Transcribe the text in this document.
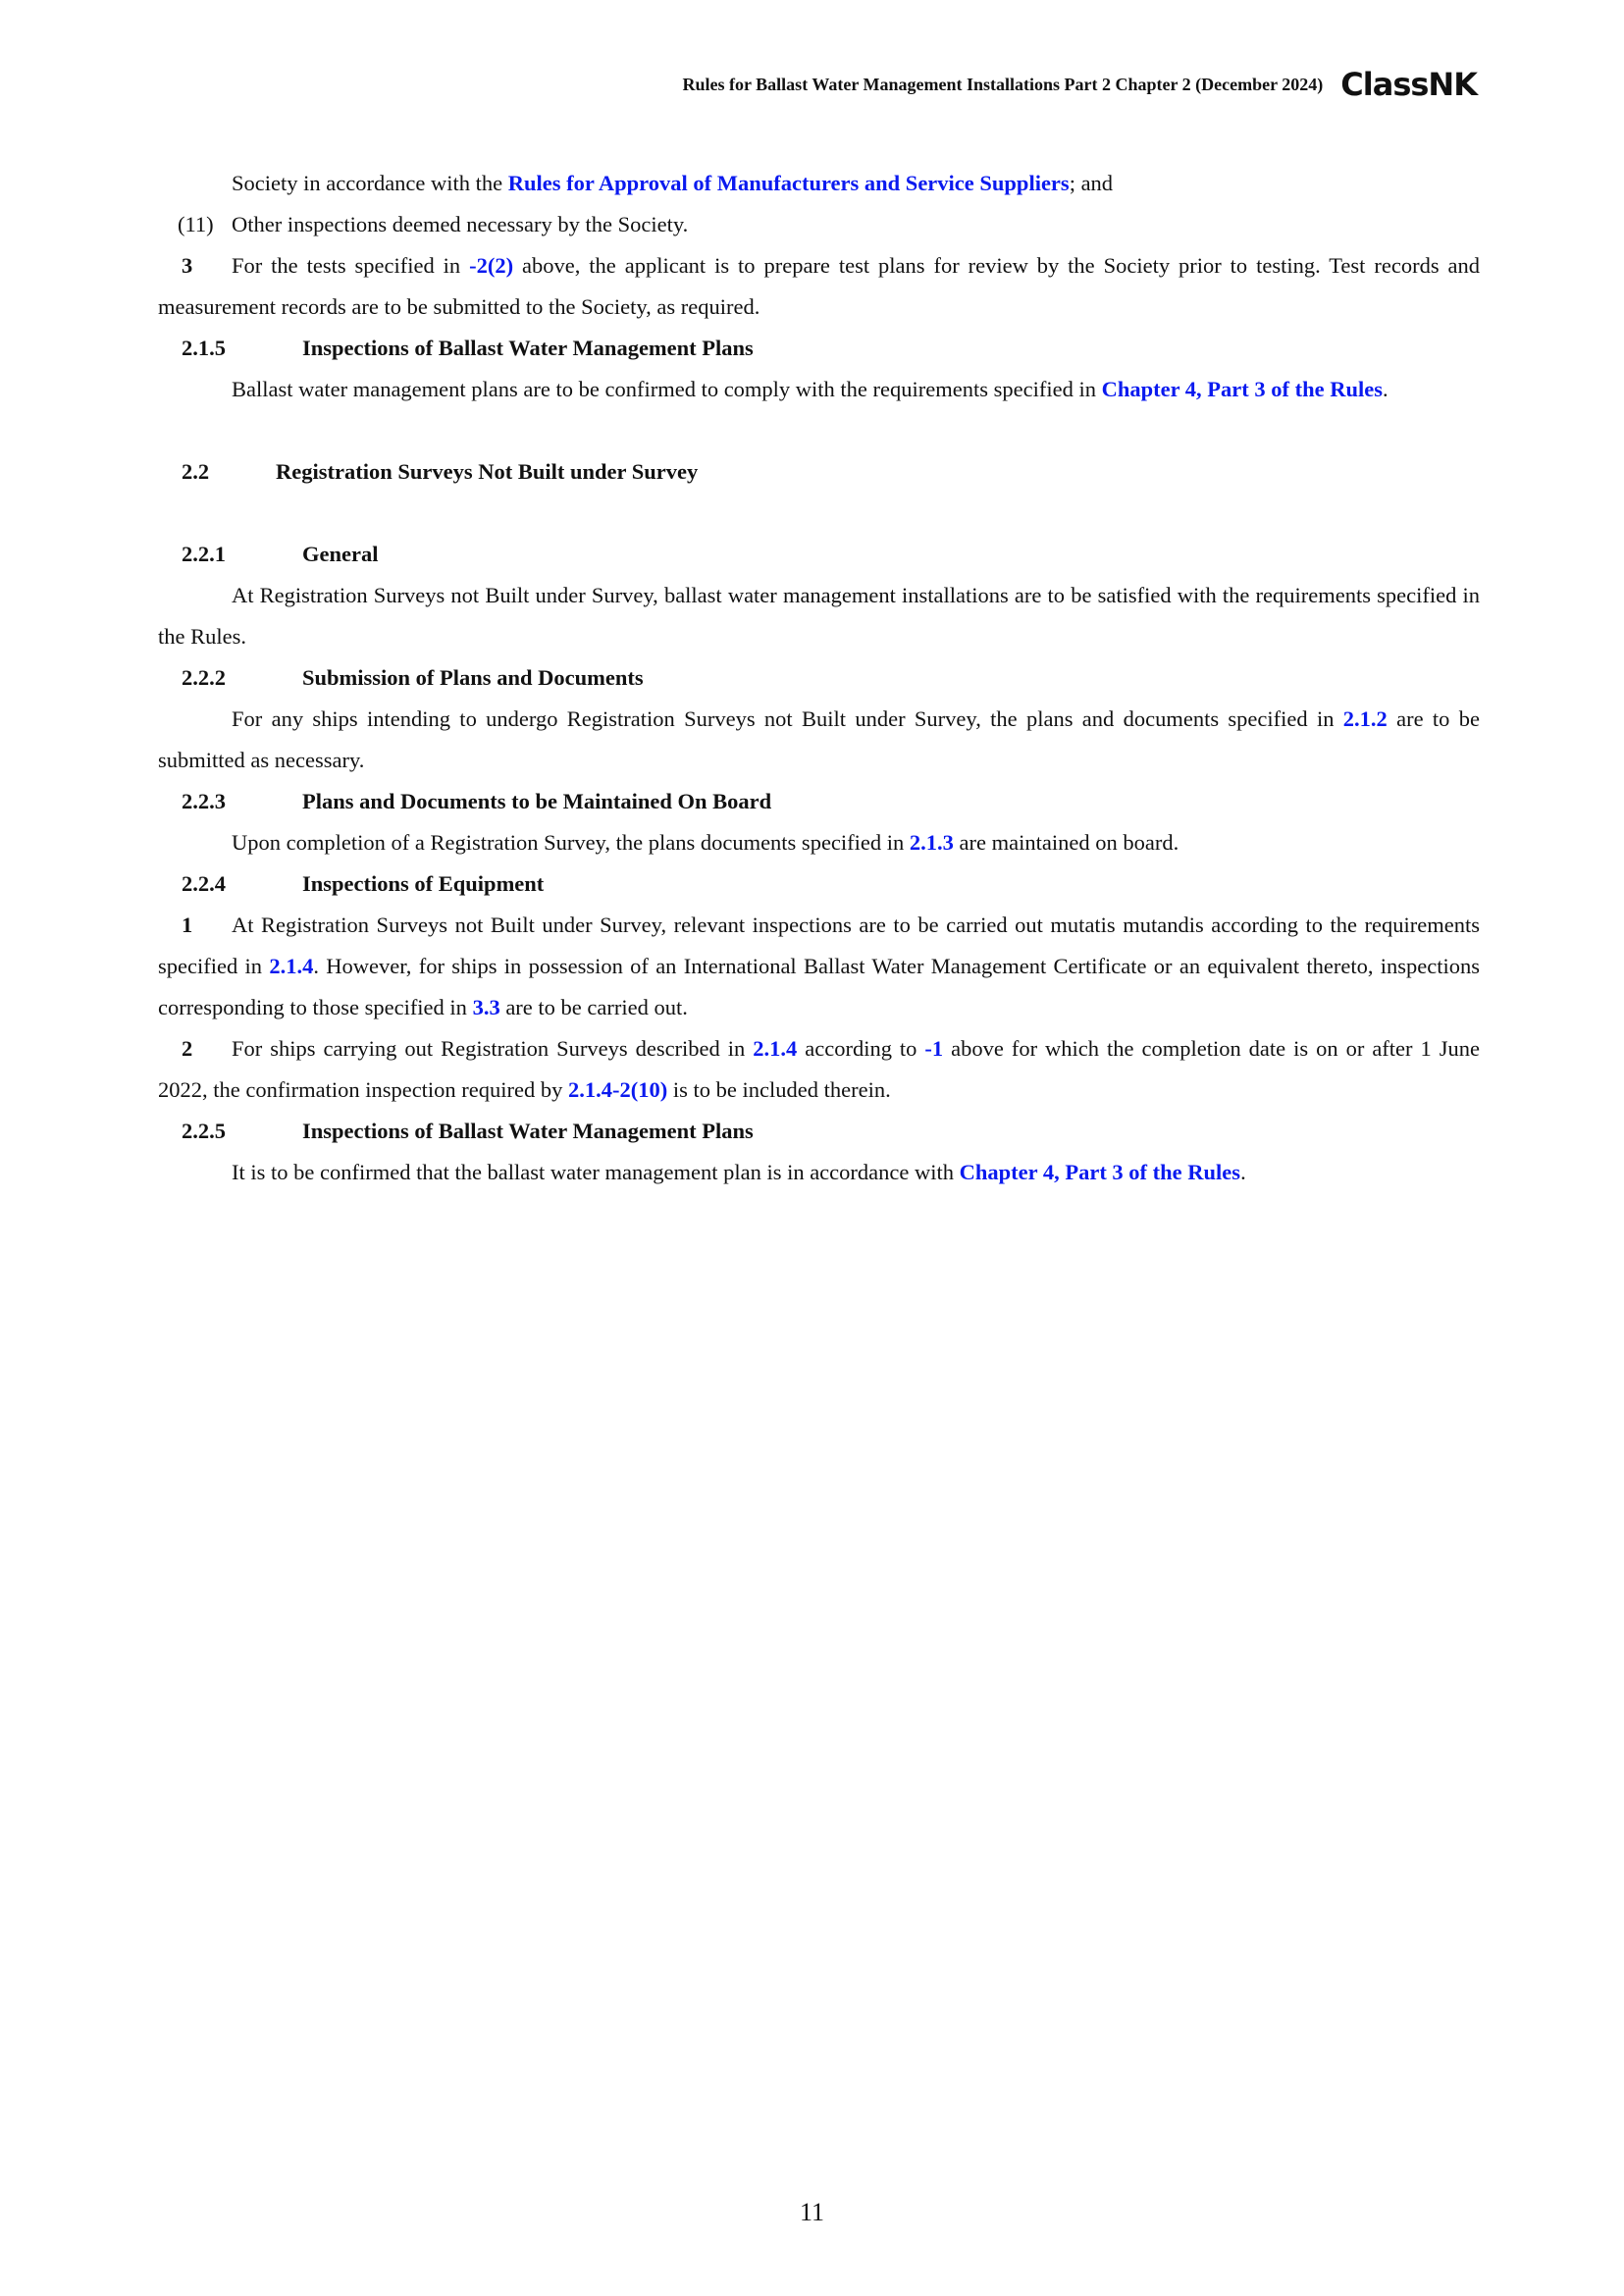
Rules for Ballast Water Management Installations Part 2 Chapter 2 (December 2024) ClassNK

Society in accordance with the Rules for Approval of Manufacturers and Service Suppliers; and

(11) Other inspections deemed necessary by the Society.

3 For the tests specified in -2(2) above, the applicant is to prepare test plans for review by the Society prior to testing. Test records and measurement records are to be submitted to the Society, as required.

2.1.5	Inspections of Ballast Water Management Plans

Ballast water management plans are to be confirmed to comply with the requirements specified in Chapter 4, Part 3 of the Rules.

2.2	Registration Surveys Not Built under Survey

2.2.1	General

At Registration Surveys not Built under Survey, ballast water management installations are to be satisfied with the requirements specified in the Rules.

2.2.2	Submission of Plans and Documents

For any ships intending to undergo Registration Surveys not Built under Survey, the plans and documents specified in 2.1.2 are to be submitted as necessary.

2.2.3	Plans and Documents to be Maintained On Board

Upon completion of a Registration Survey, the plans documents specified in 2.1.3 are maintained on board.

2.2.4	Inspections of Equipment

1 At Registration Surveys not Built under Survey, relevant inspections are to be carried out mutatis mutandis according to the requirements specified in 2.1.4. However, for ships in possession of an International Ballast Water Management Certificate or an equivalent thereto, inspections corresponding to those specified in 3.3 are to be carried out.

2 For ships carrying out Registration Surveys described in 2.1.4 according to -1 above for which the completion date is on or after 1 June 2022, the confirmation inspection required by 2.1.4-2(10) is to be included therein.

2.2.5	Inspections of Ballast Water Management Plans

It is to be confirmed that the ballast water management plan is in accordance with Chapter 4, Part 3 of the Rules.

11
